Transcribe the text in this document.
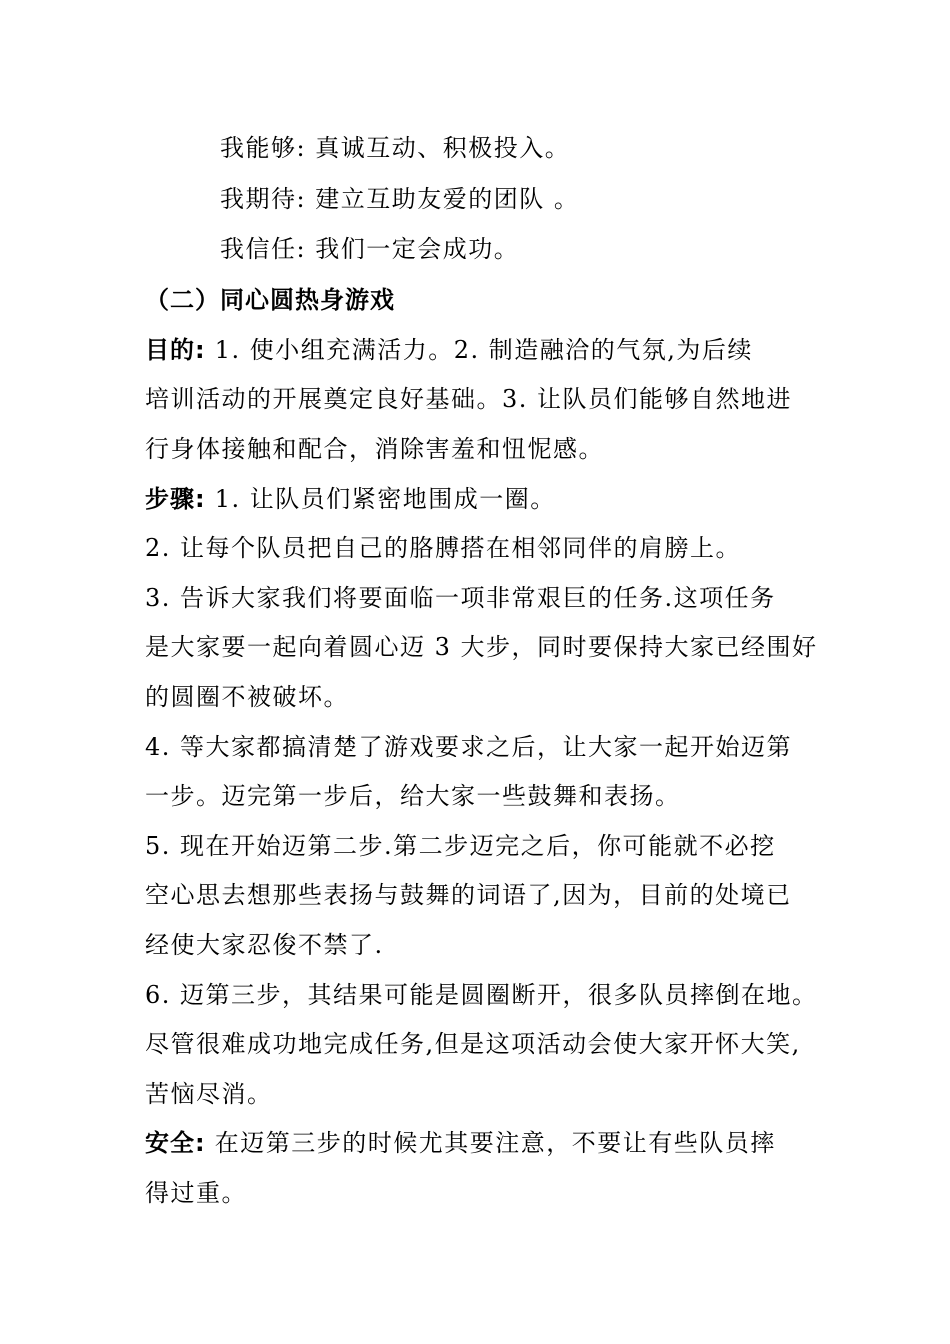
我能够: 真诚互动、积极投入。
我期待: 建立互助友爱的团队 。
我信任: 我们一定会成功。
（二）同心圆热身游戏
目的: 1. 使小组充满活力。2. 制造融洽的气氛,为后续
培训活动的开展奠定良好基础。3. 让队员们能够自然地进
行身体接触和配合，消除害羞和忸怩感。
步骤: 1. 让队员们紧密地围成一圈。
2. 让每个队员把自己的胳膊搭在相邻同伴的肩膀上。
3. 告诉大家我们将要面临一项非常艰巨的任务.这项任务
是大家要一起向着圆心迈 3 大步，同时要保持大家已经围好
的圆圈不被破坏。
4. 等大家都搞清楚了游戏要求之后，让大家一起开始迈第
一步。迈完第一步后，给大家一些鼓舞和表扬。
5. 现在开始迈第二步.第二步迈完之后，你可能就不必挖
空心思去想那些表扬与鼓舞的词语了,因为，目前的处境已
经使大家忍俊不禁了.
6. 迈第三步，其结果可能是圆圈断开，很多队员摔倒在地。
尽管很难成功地完成任务,但是这项活动会使大家开怀大笑,
苦恼尽消。
安全: 在迈第三步的时候尤其要注意，不要让有些队员摔
得过重。
